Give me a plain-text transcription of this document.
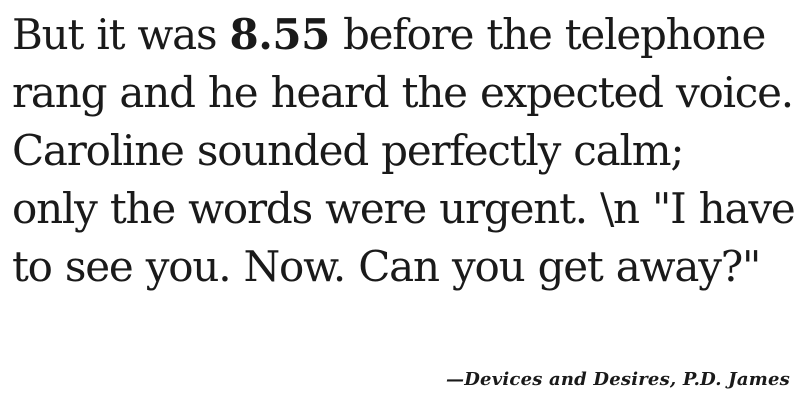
But it was 8.55 before the telephone
rang and he heard the expected voice.
Caroline sounded perfectly calm;
only the words were urgent. \n "I have
to see you. Now. Can you get away?"
—Devices and Desires, P.D. James
